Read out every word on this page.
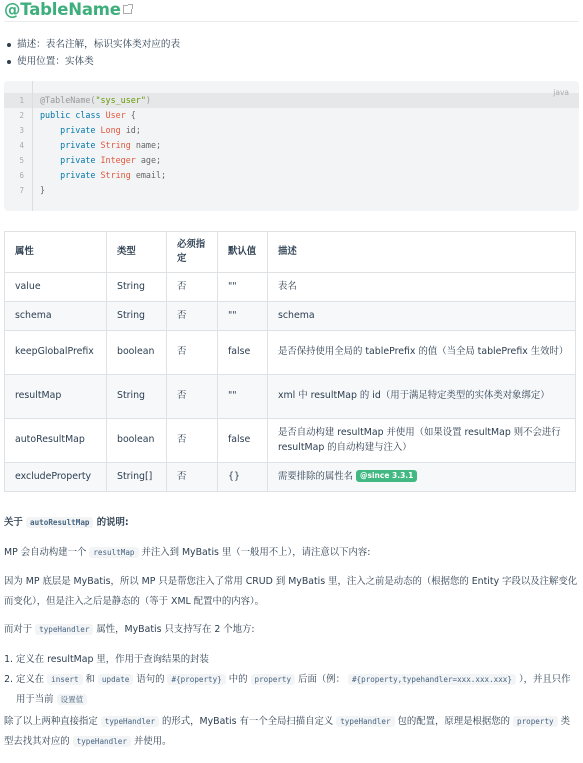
@TableName
描述：表名注解，标识实体类对应的表
使用位置：实体类
java
1
2
3
4
5
6
7
@TableName("sys_user")
public class User {
private Long id;
private String name;
private Integer age;
private String email;
}
属性	类型	必须指定	默认值	描述
value	String	否	""	表名
schema	String	否	""	schema
keepGlobalPrefix	boolean	否	false	是否保持使用全局的 tablePrefix 的值（当全局 tablePrefix 生效时）
resultMap	String	否	""	xml 中 resultMap 的 id（用于满足特定类型的实体类对象绑定）
autoResultMap	boolean	否	false	是否自动构建 resultMap 并使用（如果设置 resultMap 则不会进行 resultMap 的自动构建与注入）
excludeProperty	String[]	否	{}	需要排除的属性名 @since 3.3.1
关于 autoResultMap 的说明:
MP 会自动构建一个 resultMap 并注入到 MyBatis 里（一般用不上），请注意以下内容:
因为 MP 底层是 MyBatis，所以 MP 只是帮您注入了常用 CRUD 到 MyBatis 里，注入之前是动态的（根据您的 Entity 字段以及注解变化而变化），但是注入之后是静态的（等于 XML 配置中的内容）。
而对于 typeHandler 属性，MyBatis 只支持写在 2 个地方:
1. 定义在 resultMap 里，作用于查询结果的封装
2. 定义在 insert 和 update 语句的 #{property} 中的 property 后面（例： #{property,typehandler=xxx.xxx.xxx} ），并且只作用于当前 设置值
除了以上两种直接指定 typeHandler 的形式，MyBatis 有一个全局扫描自定义 typeHandler 包的配置，原理是根据您的 property 类型去找其对应的 typeHandler 并使用。
